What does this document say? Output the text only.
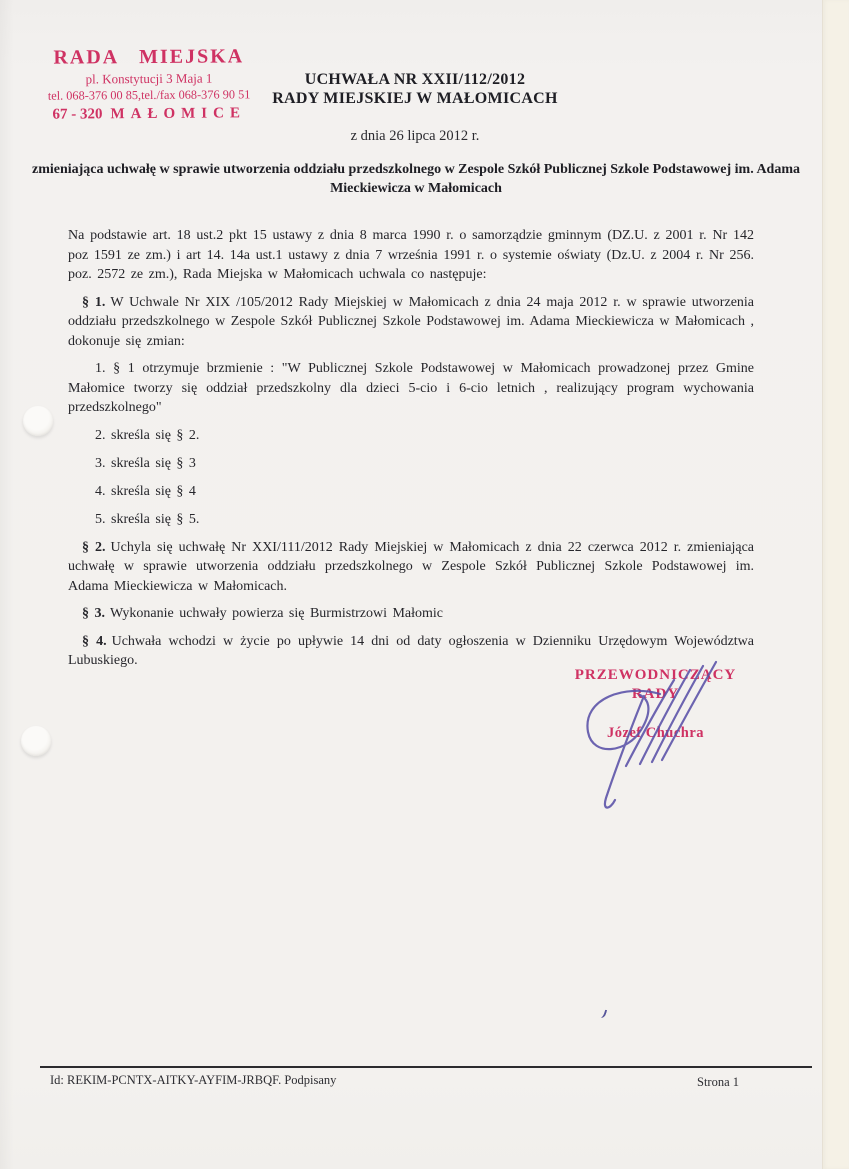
RADA MIEJSKA
pl. Konstytucji 3 Maja 1
tel. 068-376 00 85,tel./fax 068-376 90 51
67 - 320 MAŁOMICE
UCHWAŁA NR XXII/112/2012
RADY MIEJSKIEJ W MAŁOMICACH
z dnia 26 lipca 2012 r.
zmieniająca uchwałę w sprawie utworzenia oddziału przedszkolnego w Zespole Szkół Publicznej Szkole Podstawowej im. Adama Mieckiewicza w Małomicach

Na podstawie art. 18 ust.2 pkt 15 ustawy z dnia 8 marca 1990 r. o samorządzie gminnym (DZ.U. z 2001 r. Nr 142 poz 1591 ze zm.) i art 14. 14a ust.1 ustawy z dnia 7 września 1991 r. o systemie oświaty (Dz.U. z 2004 r. Nr 256. poz. 2572 ze zm.), Rada Miejska w Małomicach uchwala co następuje:

§ 1. W Uchwale Nr XIX /105/2012 Rady Miejskiej w Małomicach z dnia 24 maja 2012 r. w sprawie utworzenia oddziału przedszkolnego w Zespole Szkół Publicznej Szkole Podstawowej im. Adama Mieckiewicza w Małomicach , dokonuje się zmian:

1. § 1 otrzymuje brzmienie : "W Publicznej Szkole Podstawowej w Małomicach prowadzonej przez Gmine Małomice tworzy się oddział przedszkolny dla dzieci 5-cio i 6-cio letnich , realizujący program wychowania przedszkolnego"

2. skreśla się § 2.

3. skreśla się § 3

4. skreśla się § 4

5. skreśla się § 5.

§ 2. Uchyla się uchwałę Nr XXI/111/2012 Rady Miejskiej w Małomicach z dnia 22 czerwca 2012 r. zmieniająca uchwałę w sprawie utworzenia oddziału przedszkolnego w Zespole Szkół Publicznej Szkole Podstawowej im. Adama Mieckiewicza w Małomicach.

§ 3. Wykonanie uchwały powierza się Burmistrzowi Małomic

§ 4. Uchwała wchodzi w życie po upływie 14 dni od daty ogłoszenia w Dzienniku Urzędowym Województwa Lubuskiego.

PRZEWODNICZĄCY
RADY
Józef Chuchra
Id: REKIM-PCNTX-AITKY-AYFIM-JRBQF. Podpisany	Strona 1
